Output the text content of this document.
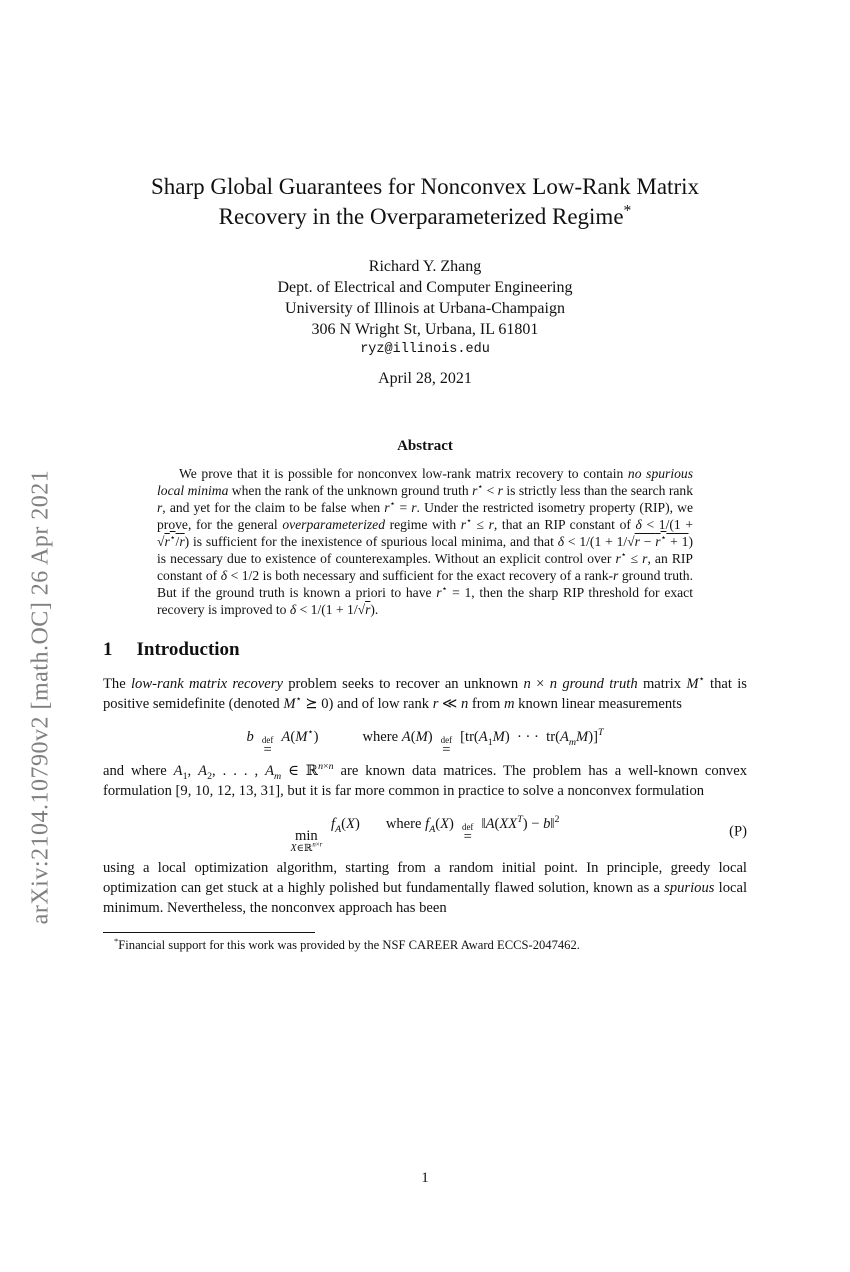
arXiv:2104.10790v2 [math.OC] 26 Apr 2021
Sharp Global Guarantees for Nonconvex Low-Rank Matrix
Recovery in the Overparameterized Regime*
Richard Y. Zhang
Dept. of Electrical and Computer Engineering
University of Illinois at Urbana-Champaign
306 N Wright St, Urbana, IL 61801
ryz@illinois.edu
April 28, 2021
Abstract

We prove that it is possible for nonconvex low-rank matrix recovery to contain no spurious local minima when the rank of the unknown ground truth r⋆ < r is strictly less than the search rank r, and yet for the claim to be false when r⋆ = r. Under the restricted isometry property (RIP), we prove, for the general overparameterized regime with r⋆ ≤ r, that an RIP constant of δ < 1/(1 + √r⋆/r) is sufficient for the inexistence of spurious local minima, and that δ < 1/(1 + 1/√r − r⋆ + 1) is necessary due to existence of counterexamples. Without an explicit control over r⋆ ≤ r, an RIP constant of δ < 1/2 is both necessary and sufficient for the exact recovery of a rank-r ground truth. But if the ground truth is known a priori to have r⋆ = 1, then the sharp RIP threshold for exact recovery is improved to δ < 1/(1 + 1/√r).

1 Introduction

The low-rank matrix recovery problem seeks to recover an unknown n × n ground truth matrix M⋆ that is positive semidefinite (denoted M⋆ ⪰ 0) and of low rank r ≪ n from m known linear measurements

b def
=
A(M⋆)	where A(M) def
=
[$tr(A_1M)$  · · ·  $tr(A_mM)]^T$

and where $A_1$, $A_2$, . . . , $A_m$ ∈ ℝ$^{n\times n}$ are known data matrices. The problem has a well-known convex formulation [9, 10, 12, 13, 31], but it is far more common in practice to solve a nonconvex formulation

min
X∈ℝ$^{n\times r}$
$f_A(X)$ where $f_A(X)$ def
=
$‖A(XX^T)$ − b‖$^2$
(P)

using a local optimization algorithm, starting from a random initial point. In principle, greedy local optimization can get stuck at a highly polished but fundamentally flawed solution, known as a spurious local minimum. Nevertheless, the nonconvex approach has been

*Financial support for this work was provided by the NSF CAREER Award ECCS-2047462.
1
